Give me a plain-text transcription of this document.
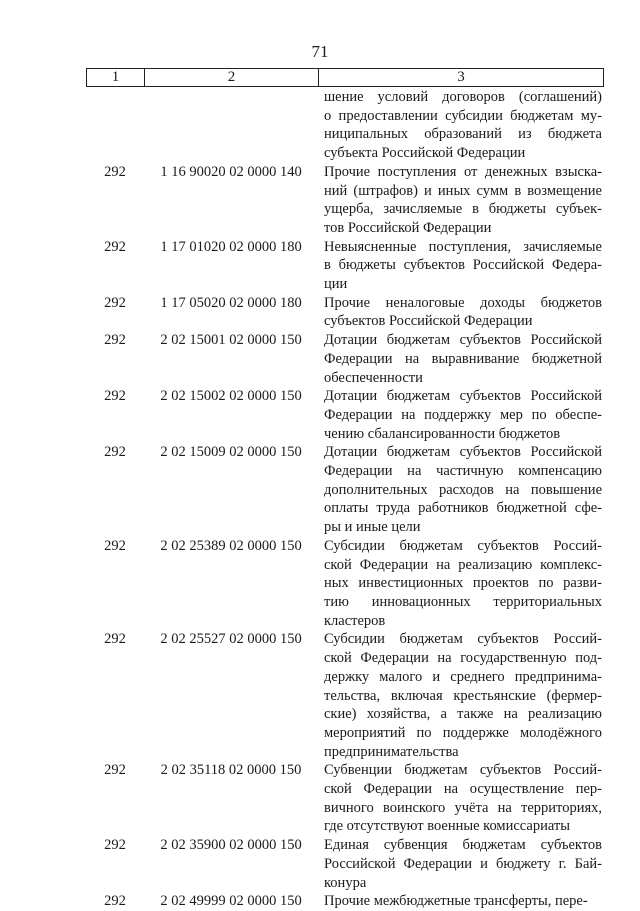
71
1	2	3
шение условий договоров (соглашений)
о предоставлении субсидии бюджетам му-
ниципальных образований из бюджета
субъекта Российской Федерации
292	1 16 90020 02 0000 140	Прочие поступления от денежных взыска-
ний (штрафов) и иных сумм в возмещение
ущерба, зачисляемые в бюджеты субъек-
тов Российской Федерации
292	1 17 01020 02 0000 180	Невыясненные поступления, зачисляемые
в бюджеты субъектов Российской Федера-
ции
292	1 17 05020 02 0000 180	Прочие неналоговые доходы бюджетов
субъектов Российской Федерации
292	2 02 15001 02 0000 150	Дотации бюджетам субъектов Российской
Федерации на выравнивание бюджетной
обеспеченности
292	2 02 15002 02 0000 150	Дотации бюджетам субъектов Российской
Федерации на поддержку мер по обеспе-
чению сбалансированности бюджетов
292	2 02 15009 02 0000 150	Дотации бюджетам субъектов Российской
Федерации на частичную компенсацию
дополнительных расходов на повышение
оплаты труда работников бюджетной сфе-
ры и иные цели
292	2 02 25389 02 0000 150	Субсидии бюджетам субъектов Россий-
ской Федерации на реализацию комплекс-
ных инвестиционных проектов по разви-
тию инновационных территориальных
кластеров
292	2 02 25527 02 0000 150	Субсидии бюджетам субъектов Россий-
ской Федерации на государственную под-
держку малого и среднего предпринима-
тельства, включая крестьянские (фермер-
ские) хозяйства, а также на реализацию
мероприятий по поддержке молодёжного
предпринимательства
292	2 02 35118 02 0000 150	Субвенции бюджетам субъектов Россий-
ской Федерации на осуществление пер-
вичного воинского учёта на территориях,
где отсутствуют военные комиссариаты
292	2 02 35900 02 0000 150	Единая субвенция бюджетам субъектов
Российской Федерации и бюджету г. Бай-
конура
292	2 02 49999 02 0000 150	Прочие межбюджетные трансферты, пере-
